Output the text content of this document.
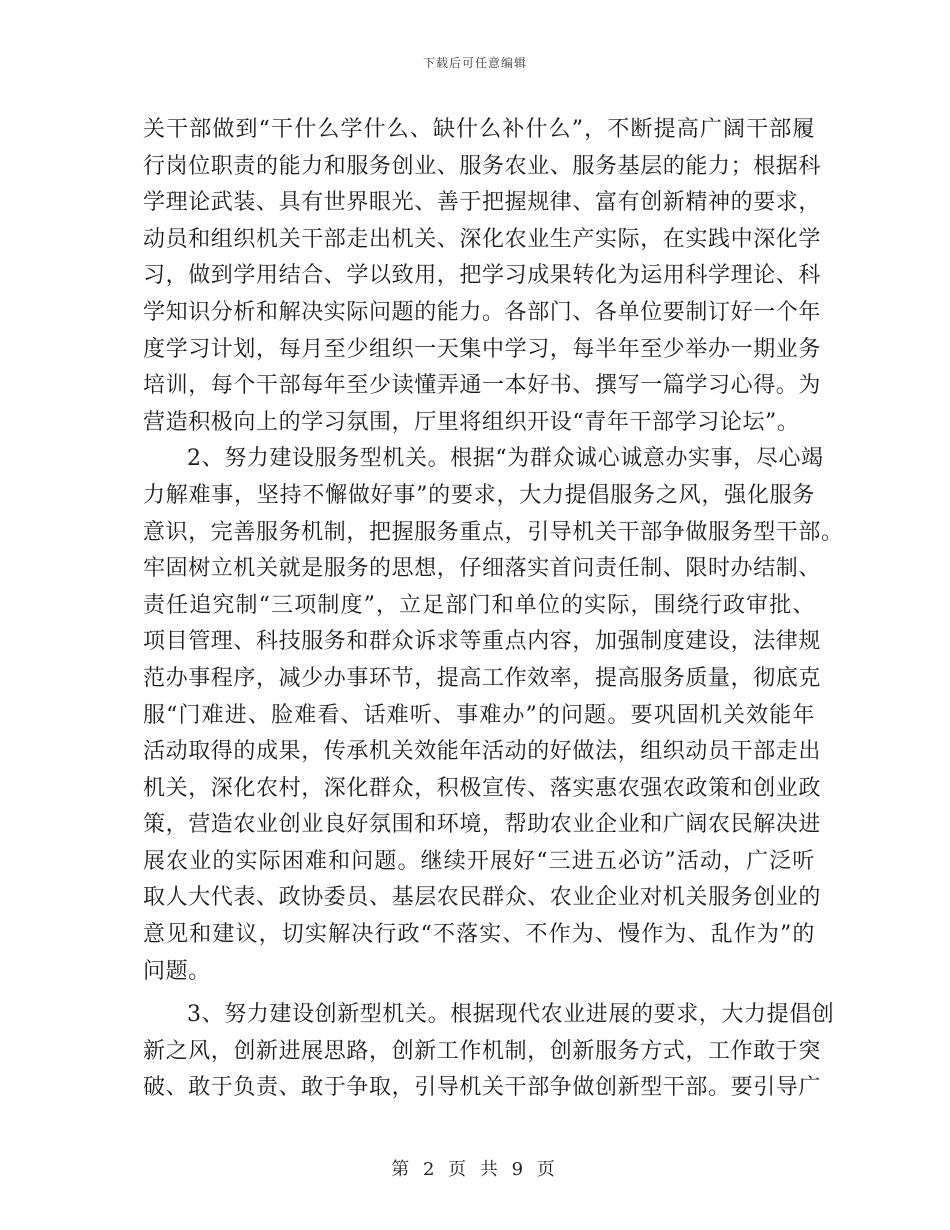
下载后可任意编辑
关干部做到“干什么学什么、缺什么补什么”，不断提高广阔干部履
行岗位职责的能力和服务创业、服务农业、服务基层的能力；根据科
学理论武装、具有世界眼光、善于把握规律、富有创新精神的要求，
动员和组织机关干部走出机关、深化农业生产实际，在实践中深化学
习，做到学用结合、学以致用，把学习成果转化为运用科学理论、科
学知识分析和解决实际问题的能力。各部门、各单位要制订好一个年
度学习计划，每月至少组织一天集中学习，每半年至少举办一期业务
培训，每个干部每年至少读懂弄通一本好书、撰写一篇学习心得。为
营造积极向上的学习氛围，厅里将组织开设“青年干部学习论坛”。
2、努力建设服务型机关。根据“为群众诚心诚意办实事，尽心竭
力解难事，坚持不懈做好事”的要求，大力提倡服务之风，强化服务
意识，完善服务机制，把握服务重点，引导机关干部争做服务型干部。
牢固树立机关就是服务的思想，仔细落实首问责任制、限时办结制、
责任追究制“三项制度”，立足部门和单位的实际，围绕行政审批、
项目管理、科技服务和群众诉求等重点内容，加强制度建设，法律规
范办事程序，减少办事环节，提高工作效率，提高服务质量，彻底克
服“门难进、脸难看、话难听、事难办”的问题。要巩固机关效能年
活动取得的成果，传承机关效能年活动的好做法，组织动员干部走出
机关，深化农村，深化群众，积极宣传、落实惠农强农政策和创业政
策，营造农业创业良好氛围和环境，帮助农业企业和广阔农民解决进
展农业的实际困难和问题。继续开展好“三进五必访”活动，广泛听
取人大代表、政协委员、基层农民群众、农业企业对机关服务创业的
意见和建议，切实解决行政“不落实、不作为、慢作为、乱作为”的
问题。
3、努力建设创新型机关。根据现代农业进展的要求，大力提倡创
新之风，创新进展思路，创新工作机制，创新服务方式，工作敢于突
破、敢于负责、敢于争取，引导机关干部争做创新型干部。要引导广
第 2 页 共 9 页
